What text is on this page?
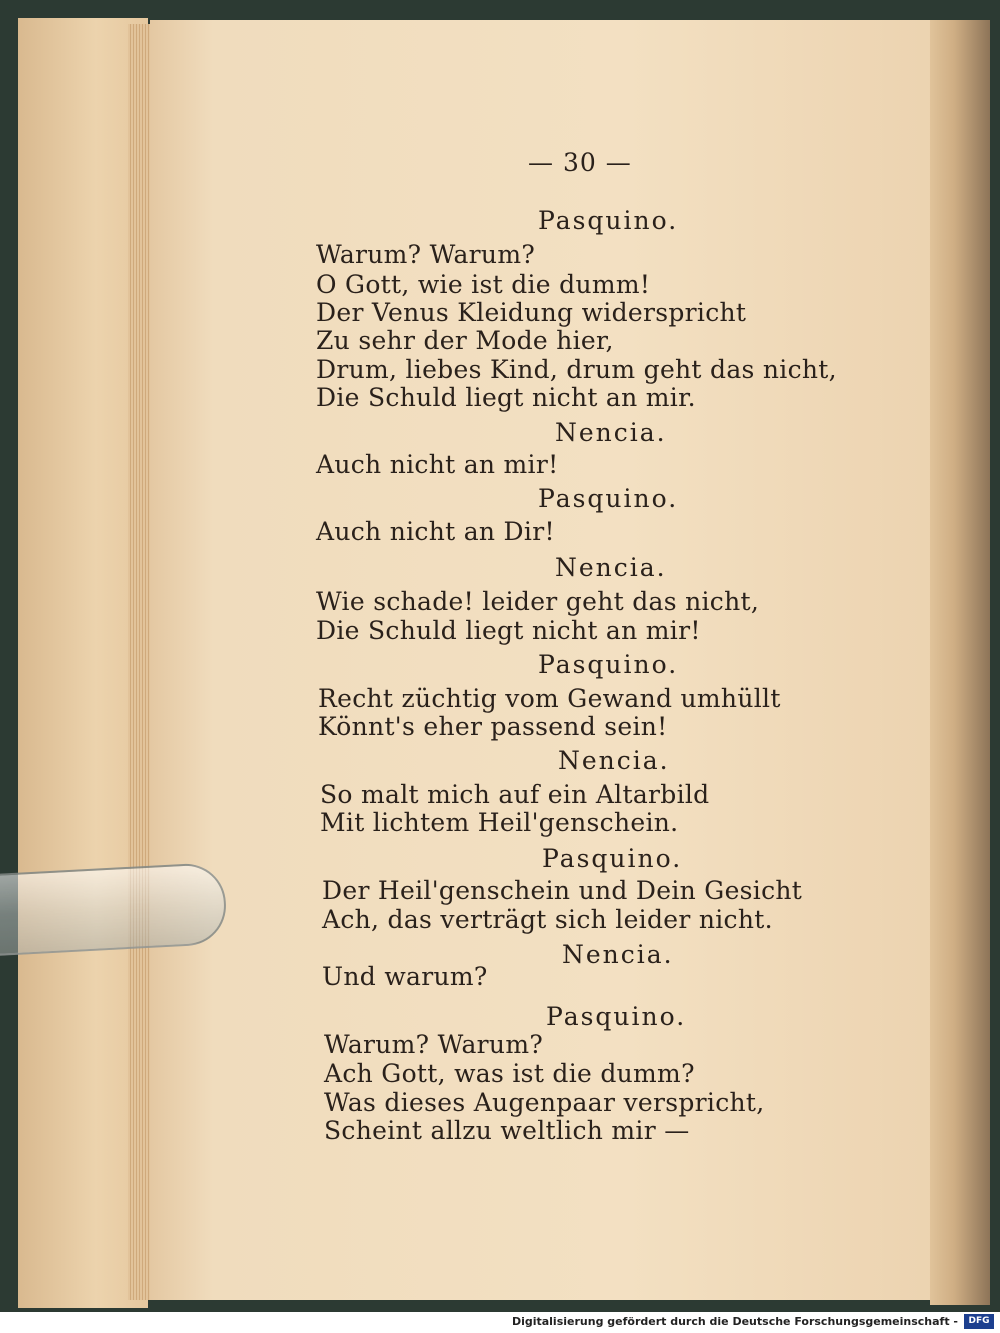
— 30 —
Pasquino.
Warum? Warum?
O Gott, wie ist die dumm!
Der Venus Kleidung widerspricht
Zu sehr der Mode hier,
Drum, liebes Kind, drum geht das nicht,
Die Schuld liegt nicht an mir.
Nencia.
Auch nicht an mir!
Pasquino.
Auch nicht an Dir!
Nencia.
Wie schade! leider geht das nicht,
Die Schuld liegt nicht an mir!
Pasquino.
Recht züchtig vom Gewand umhüllt
Könnt's eher passend sein!
Nencia.
So malt mich auf ein Altarbild
Mit lichtem Heil'genschein.
Pasquino.
Der Heil'genschein und Dein Gesicht
Ach, das verträgt sich leider nicht.
Nencia.
Und warum?
Pasquino.
Warum? Warum?
Ach Gott, was ist die dumm?
Was dieses Augenpaar verspricht,
Scheint allzu weltlich mir —
Digitalisierung gefördert durch die Deutsche Forschungsgemeinschaft -	DFG
